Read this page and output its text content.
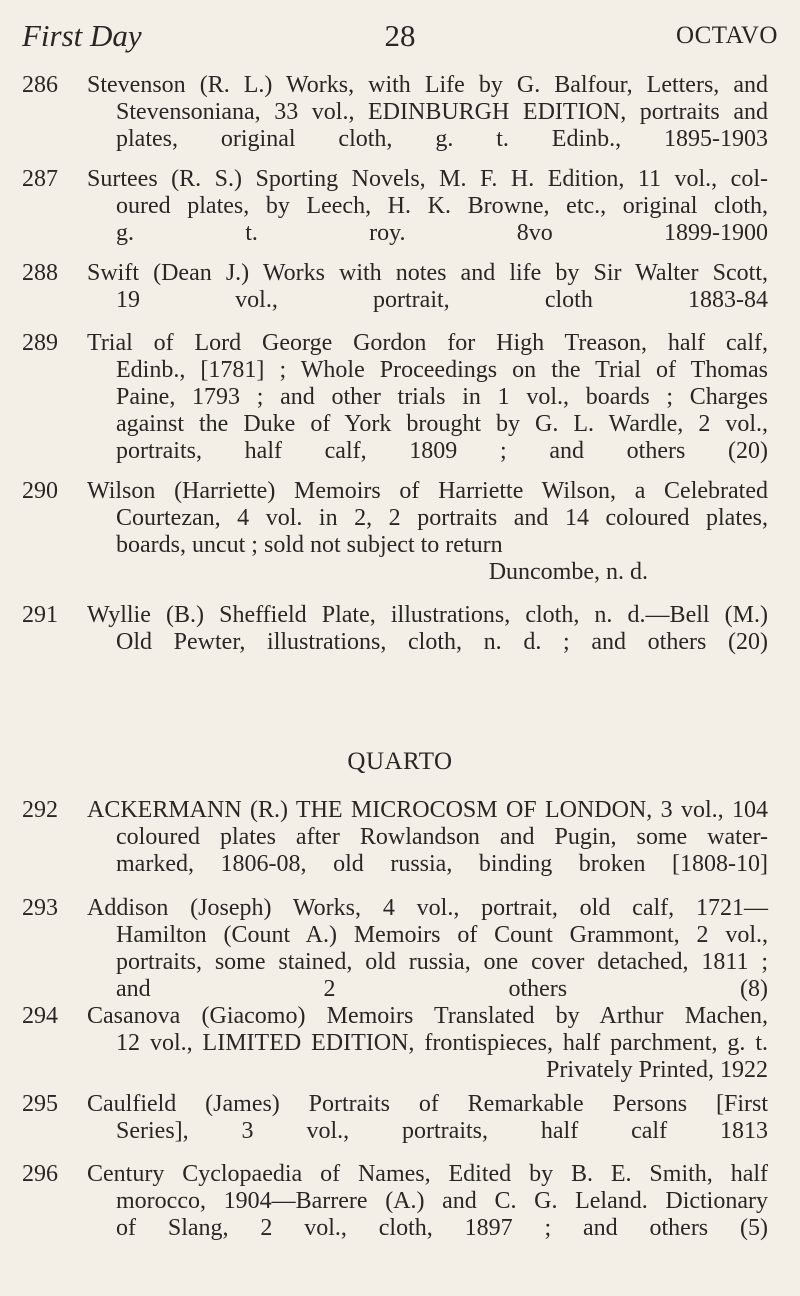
First Day	28	OCTAVO
286	Stevenson (R. L.) Works, with Life by G. Balfour, Letters, and
Stevensoniana, 33 vol., EDINBURGH EDITION, portraits and
plates, original cloth, g. t. Edinb., 1895-1903
287	Surtees (R. S.) Sporting Novels, M. F. H. Edition, 11 vol., col-
oured plates, by Leech, H. K. Browne, etc., original cloth,
g. t. roy. 8vo 1899-1900
288	Swift (Dean J.) Works with notes and life by Sir Walter Scott,
19 vol., portrait, cloth 1883-84
289	Trial of Lord George Gordon for High Treason, half calf,
Edinb., [1781] ; Whole Proceedings on the Trial of Thomas
Paine, 1793 ; and other trials in 1 vol., boards ; Charges
against the Duke of York brought by G. L. Wardle, 2 vol.,
portraits, half calf, 1809 ; and others (20)
290	Wilson (Harriette) Memoirs of Harriette Wilson, a Celebrated
Courtezan, 4 vol. in 2, 2 portraits and 14 coloured plates,
boards, uncut ; sold not subject to return
Duncombe, n. d.
291	Wyllie (B.) Sheffield Plate, illustrations, cloth, n. d.—Bell (M.)
Old Pewter, illustrations, cloth, n. d. ; and others (20)
QUARTO
292	ACKERMANN (R.) THE MICROCOSM OF LONDON, 3 vol., 104
coloured plates after Rowlandson and Pugin, some water-
marked, 1806-08, old russia, binding broken [1808-10]
293	Addison (Joseph) Works, 4 vol., portrait, old calf, 1721—
Hamilton (Count A.) Memoirs of Count Grammont, 2 vol.,
portraits, some stained, old russia, one cover detached, 1811 ;
and 2 others (8)
294	Casanova (Giacomo) Memoirs Translated by Arthur Machen,
12 vol., LIMITED EDITION, frontispieces, half parchment, g. t.
Privately Printed, 1922
295	Caulfield (James) Portraits of Remarkable Persons [First
Series], 3 vol., portraits, half calf 1813
296	Century Cyclopaedia of Names, Edited by B. E. Smith, half
morocco, 1904—Barrere (A.) and C. G. Leland. Dictionary
of Slang, 2 vol., cloth, 1897 ; and others (5)
